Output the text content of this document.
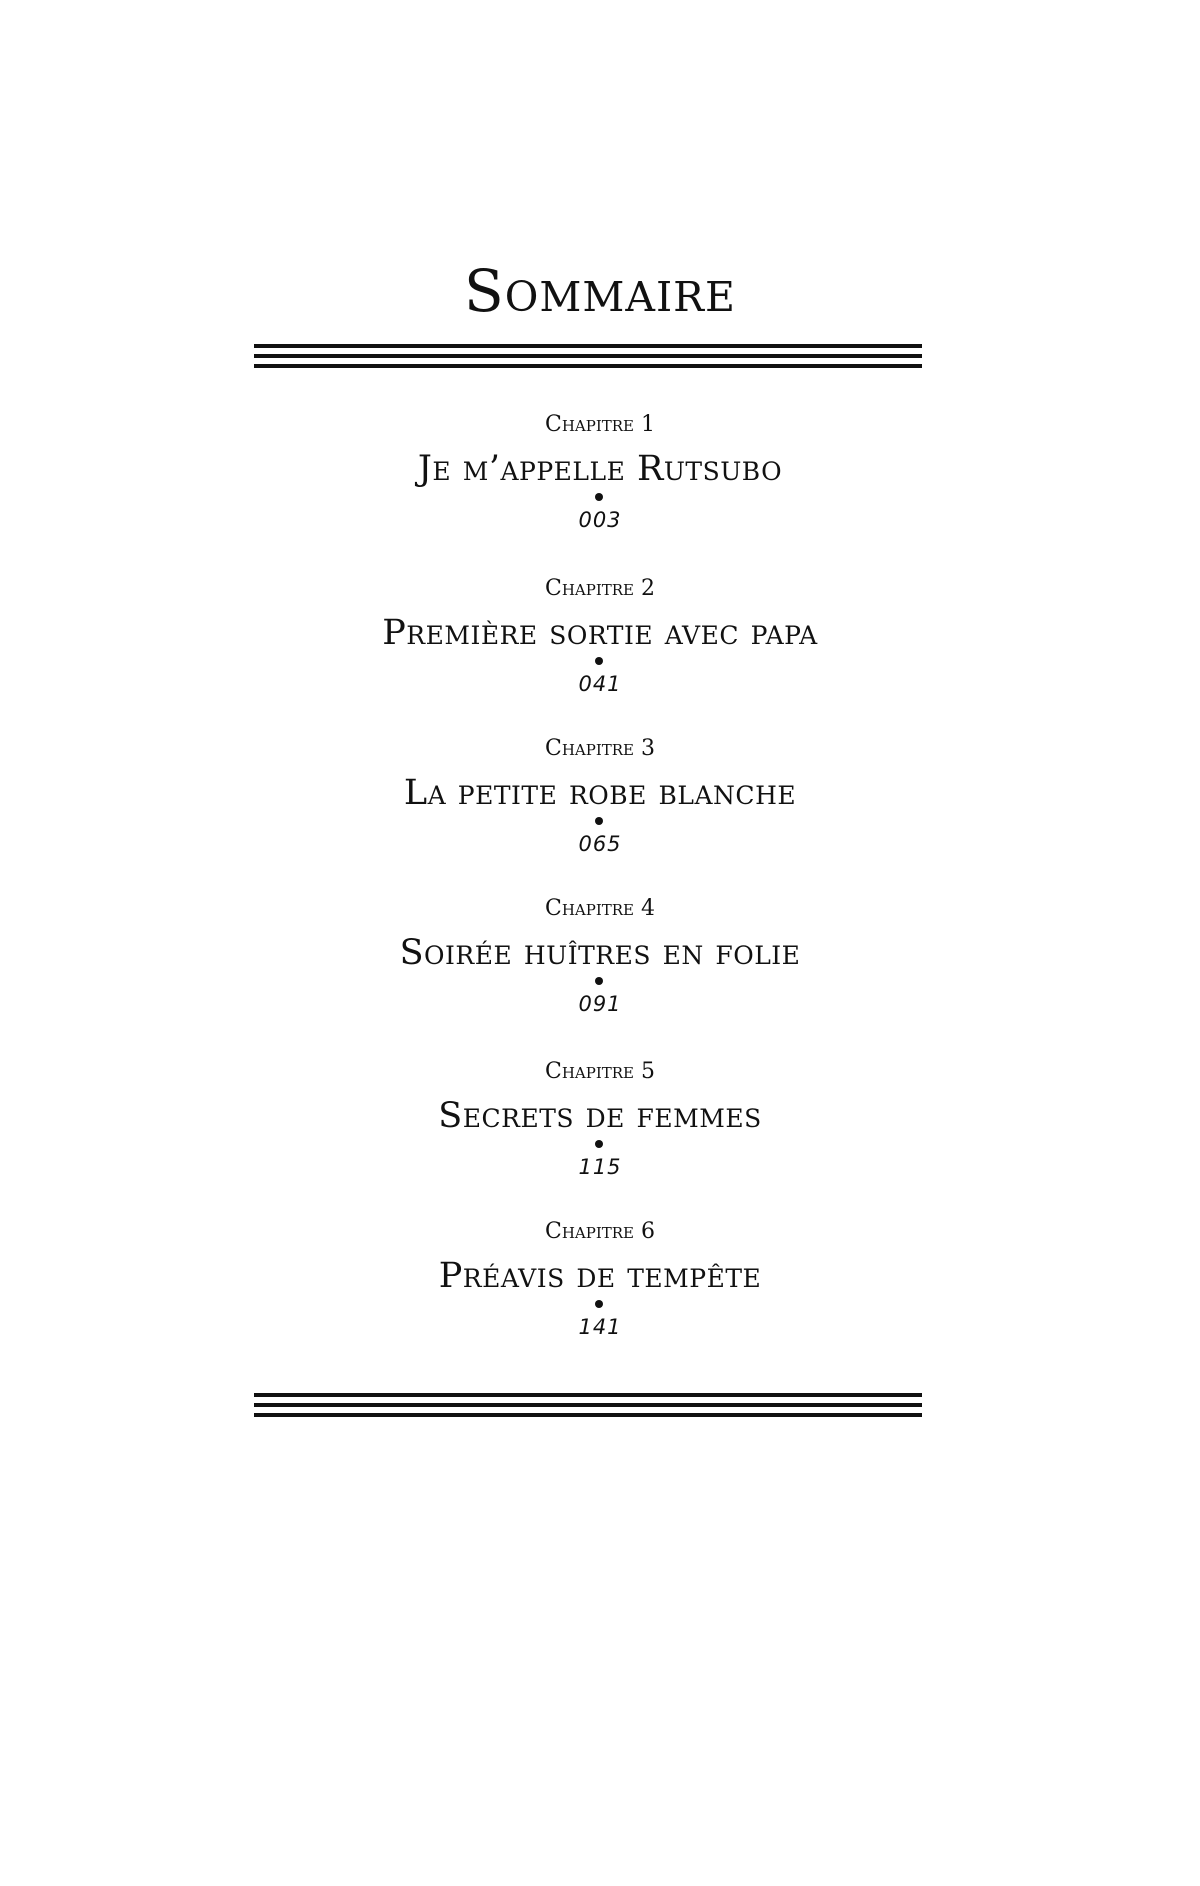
Sommaire
Chapitre 1
Je m’appelle Rutsubo
003
Chapitre 2
Première sortie avec papa
041
Chapitre 3
La petite robe blanche
065
Chapitre 4
Soirée huîtres en folie
091
Chapitre 5
Secrets de femmes
115
Chapitre 6
Préavis de tempête
141
